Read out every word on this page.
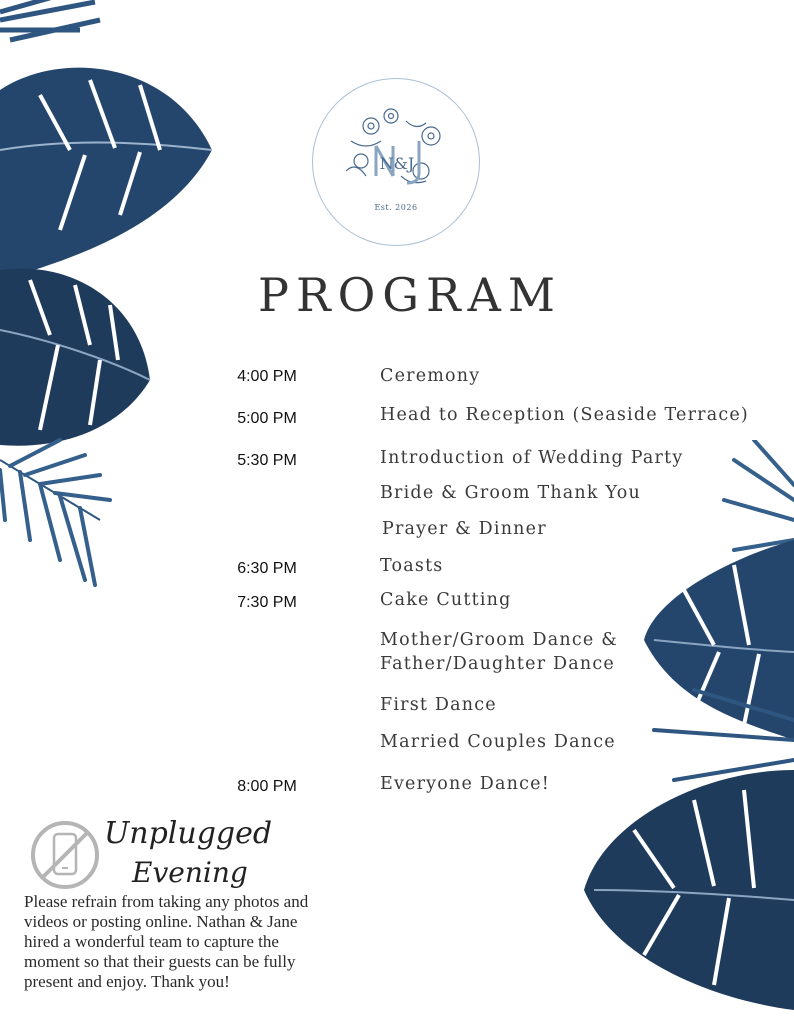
N&J
Est. 2026
PROGRAM
4:00 PM
5:00 PM
5:30 PM
6:30 PM
7:30 PM
8:00 PM
Ceremony
Head to Reception (Seaside Terrace)
Introduction of Wedding Party
Bride & Groom Thank You
Prayer & Dinner
Toasts
Cake Cutting
Mother/Groom Dance &
Father/Daughter Dance
First Dance
Married Couples Dance
Everyone Dance!
Unplugged
Evening

Please refrain from taking any photos and videos or posting online. Nathan & Jane hired a wonderful team to capture the moment so that their guests can be fully present and enjoy. Thank you!
